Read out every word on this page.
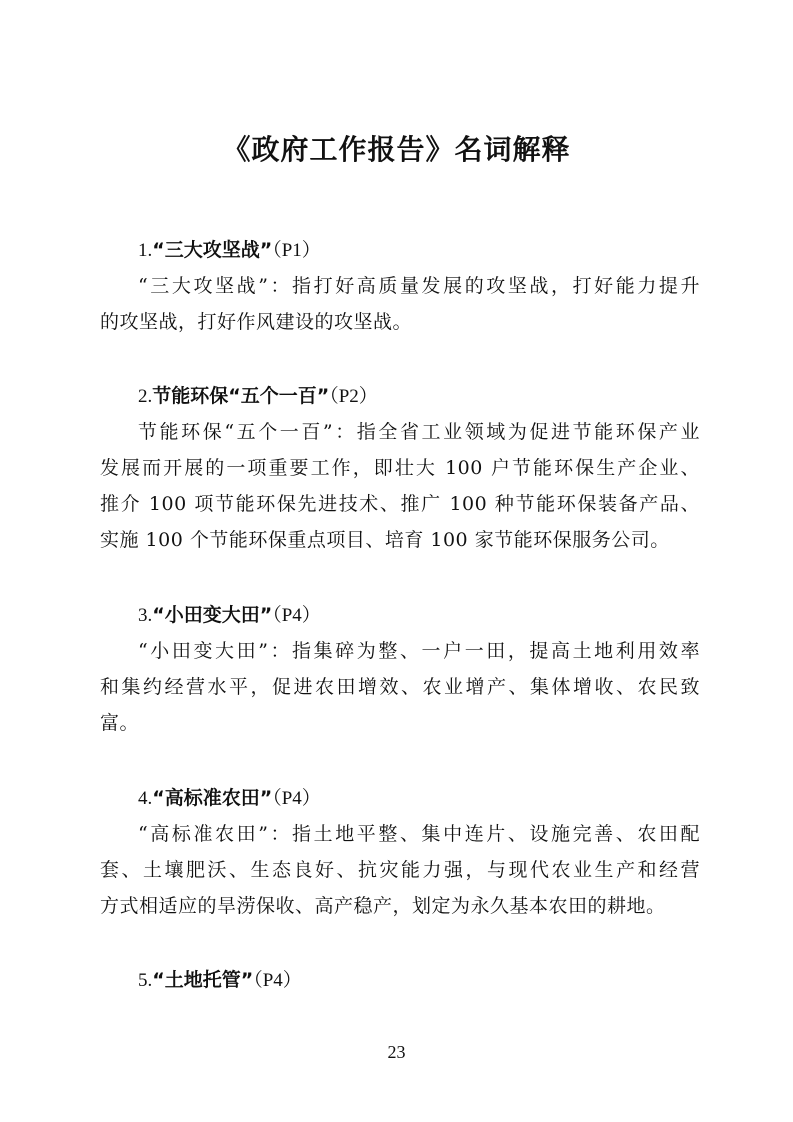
《政府工作报告》名词解释
1.“三大攻坚战”（P1）
“三大攻坚战”：指打好高质量发展的攻坚战，打好能力提升
的攻坚战，打好作风建设的攻坚战。
2.节能环保“五个一百”（P2）
节能环保“五个一百”：指全省工业领域为促进节能环保产业
发展而开展的一项重要工作，即壮大 100 户节能环保生产企业、
推介 100 项节能环保先进技术、推广 100 种节能环保装备产品、
实施 100 个节能环保重点项目、培育 100 家节能环保服务公司。
3.“小田变大田”（P4）
“小田变大田”：指集碎为整、一户一田，提高土地利用效率
和集约经营水平，促进农田增效、农业增产、集体增收、农民致
富。
4.“高标准农田”（P4）
“高标准农田”：指土地平整、集中连片、设施完善、农田配
套、土壤肥沃、生态良好、抗灾能力强，与现代农业生产和经营
方式相适应的旱涝保收、高产稳产，划定为永久基本农田的耕地。
5.“土地托管”（P4）
23
